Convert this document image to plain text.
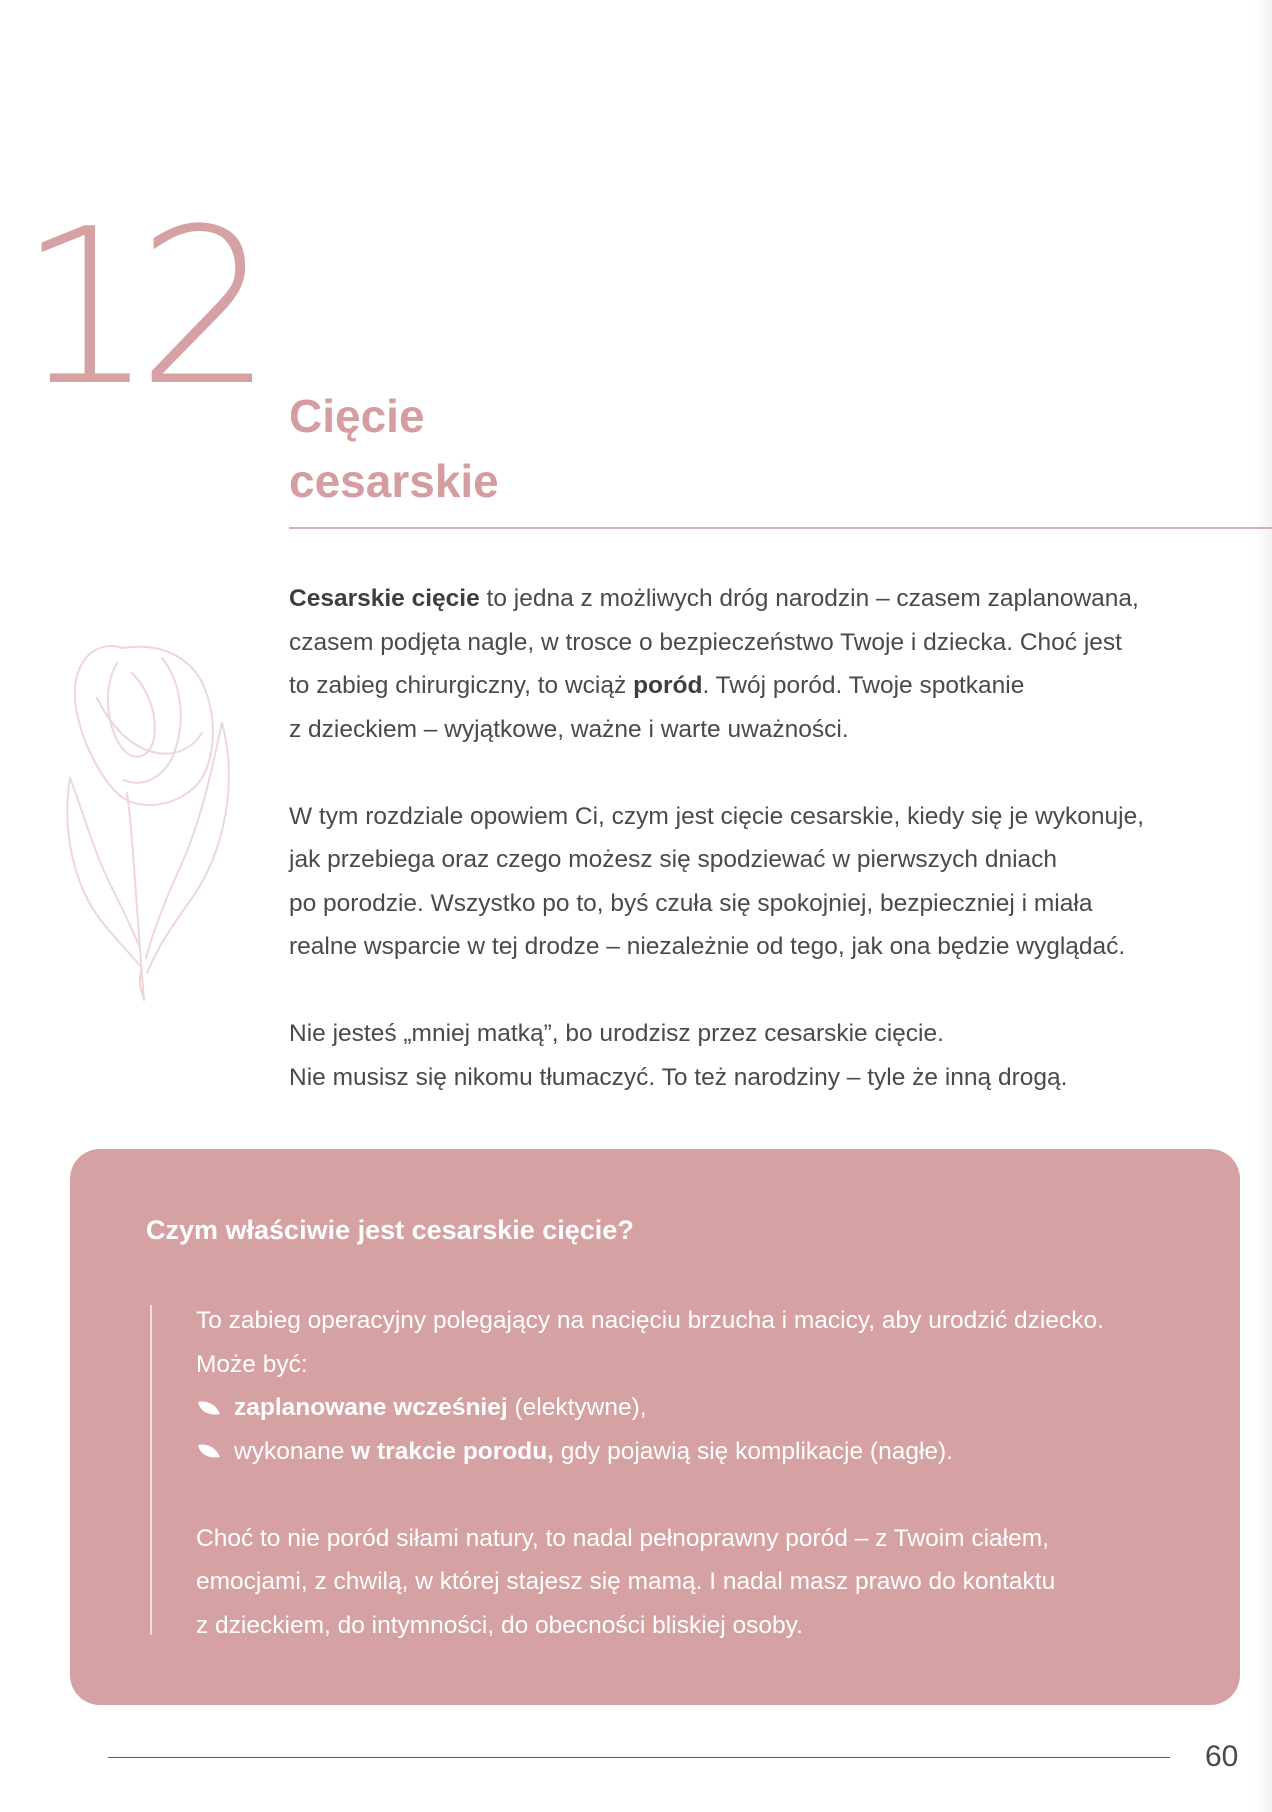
12 Cięcie
cesarskie

Cesarskie cięcie to jedna z możliwych dróg narodzin – czasem zaplanowana,
czasem podjęta nagle, w trosce o bezpieczeństwo Twoje i dziecka. Choć jest
to zabieg chirurgiczny, to wciąż poród. Twój poród. Twoje spotkanie
z dzieckiem – wyjątkowe, ważne i warte uważności.

W tym rozdziale opowiem Ci, czym jest cięcie cesarskie, kiedy się je wykonuje,
jak przebiega oraz czego możesz się spodziewać w pierwszych dniach
po porodzie. Wszystko po to, byś czuła się spokojniej, bezpieczniej i miała
realne wsparcie w tej drodze – niezależnie od tego, jak ona będzie wyglądać.

Nie jesteś „mniej matką”, bo urodzisz przez cesarskie cięcie.
Nie musisz się nikomu tłumaczyć. To też narodziny – tyle że inną drogą.

Czym właściwie jest cesarskie cięcie?
To zabieg operacyjny polegający na nacięciu brzucha i macicy, aby urodzić dziecko.
Może być:
zaplanowane wcześniej (elektywne),
wykonane w trakcie porodu, gdy pojawią się komplikacje (nagłe).
Choć to nie poród siłami natury, to nadal pełnoprawny poród – z Twoim ciałem,
emocjami, z chwilą, w której stajesz się mamą. I nadal masz prawo do kontaktu
z dzieckiem, do intymności, do obecności bliskiej osoby.
60
